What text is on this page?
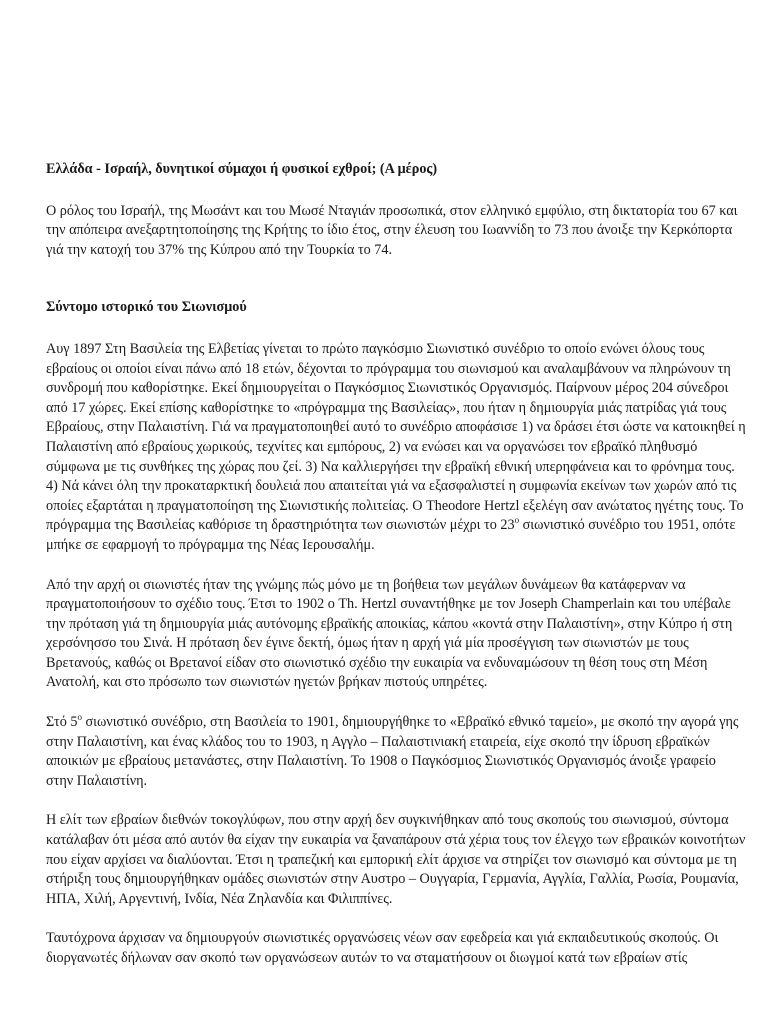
Ελλάδα - Ισραήλ, δυνητικοί σύμαχοι ή φυσικοί εχθροί; (Α μέρος)

Ο ρόλος του Ισραήλ, της Μωσάντ και του Μωσέ Νταγιάν προσωπικά, στον ελληνικό εμφύλιο, στη δικτατορία του 67 και την απόπειρα ανεξαρτητοποίησης της Κρήτης το ίδιο έτος, στην έλευση του Ιωαννίδη το 73 που άνοιξε την Κερκόπορτα γιά την κατοχή του 37% της Κύπρου από την Τουρκία το 74.

Σύντομο ιστορικό του Σιωνισμού

Αυγ 1897 Στη Βασιλεία της Ελβετίας γίνεται το πρώτο παγκόσμιο Σιωνιστικό συνέδριο το οποίο ενώνει όλους τους εβραίους οι οποίοι είναι πάνω από 18 ετών, δέχονται το πρόγραμμα του σιωνισμού και αναλαμβάνουν να πληρώνουν τη συνδρομή που καθορίστηκε. Εκεί δημιουργείται ο Παγκόσμιος Σιωνιστικός Οργανισμός. Παίρνουν μέρος 204 σύνεδροι από 17 χώρες. Εκεί επίσης καθορίστηκε το «πρόγραμμα της Βασιλείας», που ήταν η δημιουργία μιάς πατρίδας γιά τους Εβραίους, στην Παλαιστίνη. Γιά να πραγματοποιηθεί αυτό το συνέδριο αποφάσισε 1) να δράσει έτσι ώστε να κατοικηθεί η Παλαιστίνη από εβραίους χωρικούς, τεχνίτες και εμπόρους, 2) να ενώσει και να οργανώσει τον εβραϊκό πληθυσμό σύμφωνα με τις συνθήκες της χώρας που ζεί. 3) Να καλλιεργήσει την εβραϊκή εθνική υπερηφάνεια και το φρόνημα τους. 4) Νά κάνει όλη την προκαταρκτική δουλειά που απαιτείται γιά να εξασφαλιστεί η συμφωνία εκείνων των χωρών από τις οποίες εξαρτάται η πραγματοποίηση της Σιωνιστικής πολιτείας. Ο Theodore Hertzl εξελέγη σαν ανώτατος ηγέτης τους. Το πρόγραμμα της Βασιλείας καθόρισε τη δραστηριότητα των σιωνιστών μέχρι το $23^o$ σιωνιστικό συνέδριο του 1951, οπότε μπήκε σε εφαρμογή το πρόγραμμα της Νέας Ιερουσαλήμ.

Από την αρχή οι σιωνιστές ήταν της γνώμης πώς μόνο με τη βοήθεια των μεγάλων δυνάμεων θα κατάφερναν να πραγματοποιήσουν το σχέδιο τους. Έτσι το 1902 ο Th. Hertzl συναντήθηκε με τον Joseph Champerlain και του υπέβαλε την πρόταση γιά τη δημιουργία μιάς αυτόνομης εβραϊκής αποικίας, κάπου «κοντά στην Παλαιστίνη», στην Κύπρο ή στη χερσόνησσο του Σινά. Η πρόταση δεν έγινε δεκτή, όμως ήταν η αρχή γιά μία προσέγγιση των σιωνιστών με τους Βρετανούς, καθώς οι Βρετανοί είδαν στο σιωνιστικό σχέδιο την ευκαιρία να ενδυναμώσουν τη θέση τους στη Μέση Ανατολή, και στο πρόσωπο των σιωνιστών ηγετών βρήκαν πιστούς υπηρέτες.

Στό $5^o$ σιωνιστικό συνέδριο, στη Βασιλεία το 1901, δημιουργήθηκε το «Εβραϊκό εθνικό ταμείο», με σκοπό την αγορά γης στην Παλαιστίνη, και ένας κλάδος του το 1903, η Αγγλο – Παλαιστινιακή εταιρεία, είχε σκοπό την ίδρυση εβραϊκών αποικιών με εβραίους μετανάστες, στην Παλαιστίνη. Το 1908 ο Παγκόσμιος Σιωνιστικός Οργανισμός άνοιξε γραφείο στην Παλαιστίνη.

Η ελίτ των εβραίων διεθνών τοκογλύφων, που στην αρχή δεν συγκινήθηκαν από τους σκοπούς του σιωνισμού, σύντομα κατάλαβαν ότι μέσα από αυτόν θα είχαν την ευκαιρία να ξαναπάρουν στά χέρια τους τον έλεγχο των εβραικών κοινοτήτων που είχαν αρχίσει να διαλύονται. Έτσι η τραπεζική και εμπορική ελίτ άρχισε να στηρίζει τον σιωνισμό και σύντομα με τη στήριξη τους δημιουργήθηκαν ομάδες σιωνιστών στην Αυστρο – Ουγγαρία, Γερμανία, Αγγλία, Γαλλία, Ρωσία, Ρουμανία, ΗΠΑ, Χιλή, Αργεντινή, Ινδία, Νέα Ζηλανδία και Φιλιππίνες.

Ταυτόχρονα άρχισαν να δημιουργούν σιωνιστικές οργανώσεις νέων σαν εφεδρεία και γιά εκπαιδευτικούς σκοπούς. Οι διοργανωτές δήλωναν σαν σκοπό των οργανώσεων αυτών το να σταματήσουν οι διωγμοί κατά των εβραίων στίς
